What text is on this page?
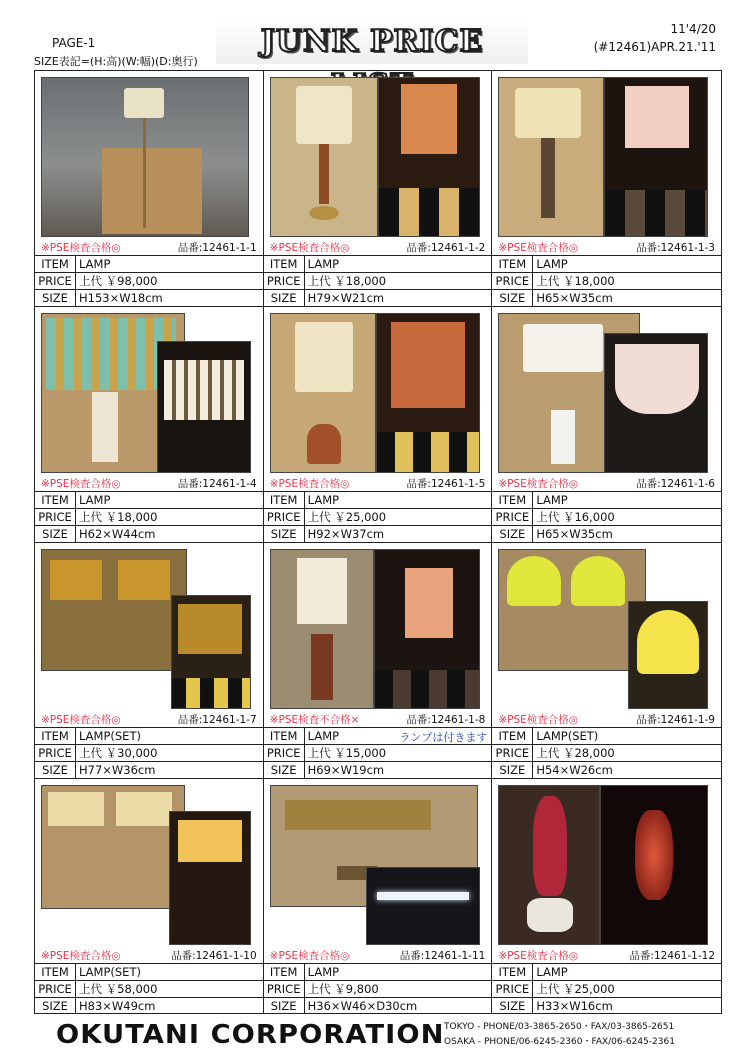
PAGE-1
SIZE表記=(H:高)(W:幅)(D:奥行)
JUNK PRICE	11'4/20
(#12461)APR.21.'11
※PSE検査合格◎	品番:12461-1-1
ITEM	LAMP
PRICE	上代 ￥98,000
SIZE	H153×W18cm
※PSE検査合格◎	品番:12461-1-2
ITEM	LAMP
PRICE	上代 ￥18,000
SIZE	H79×W21cm
※PSE検査合格◎	品番:12461-1-3
ITEM	LAMP
PRICE	上代 ￥18,000
SIZE	H65×W35cm
※PSE検査合格◎	品番:12461-1-4
ITEM	LAMP
PRICE	上代 ￥18,000
SIZE	H62×W44cm
※PSE検査合格◎	品番:12461-1-5
ITEM	LAMP
PRICE	上代 ￥25,000
SIZE	H92×W37cm
※PSE検査合格◎	品番:12461-1-6
ITEM	LAMP
PRICE	上代 ￥16,000
SIZE	H65×W35cm
※PSE検査合格◎	品番:12461-1-7
ITEM	LAMP(SET)
PRICE	上代 ￥30,000
SIZE	H77×W36cm
※PSE検査不合格×	品番:12461-1-8
ITEM	LAMP ランプは付きます

PRICE	上代 ￥15,000
SIZE	H69×W19cm
※PSE検査合格◎	品番:12461-1-9
ITEM	LAMP(SET)
PRICE	上代 ￥28,000
SIZE	H54×W26cm
※PSE検査合格◎	品番:12461-1-10
ITEM	LAMP(SET)
PRICE	上代 ￥58,000
SIZE	H83×W49cm
※PSE検査合格◎	品番:12461-1-11
ITEM	LAMP
PRICE	上代 ￥9,800
SIZE	H36×W46×D30cm
※PSE検査合格◎	品番:12461-1-12
ITEM	LAMP
PRICE	上代 ￥25,000
SIZE	H33×W16cm
OKUTANI CORPORATION TOKYO - PHONE/03-3865-2650・FAX/03-3865-2651
OSAKA - PHONE/06-6245-2360・FAX/06-6245-2361
